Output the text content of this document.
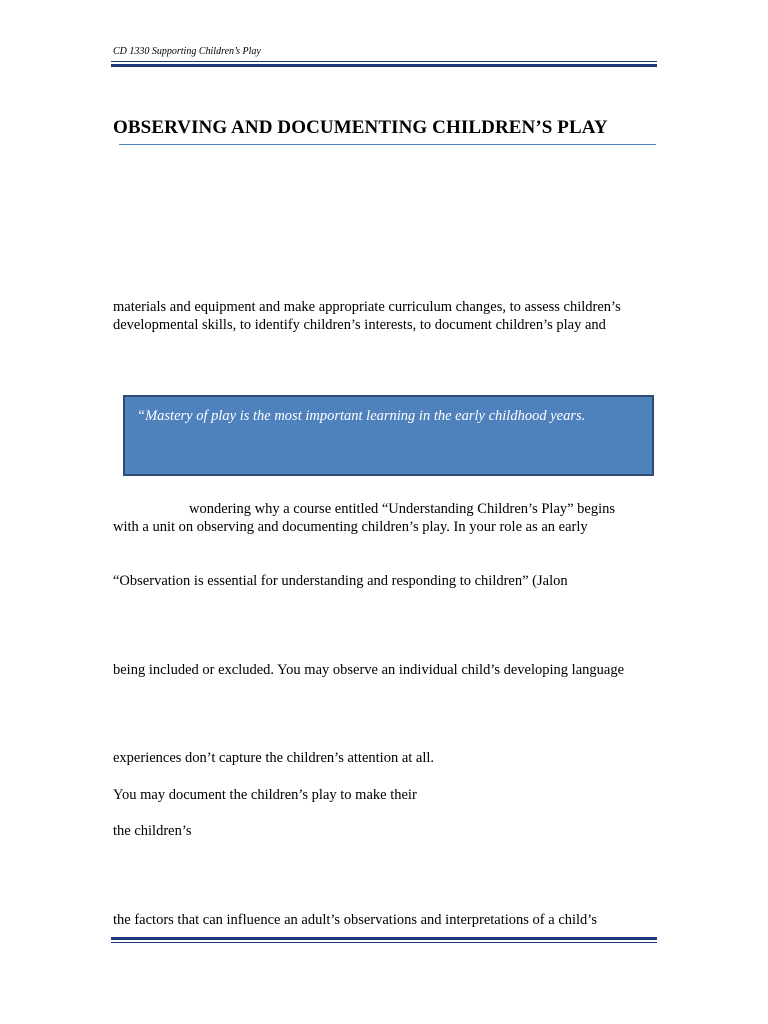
CD 1330 Supporting Children’s Play
OBSERVING AND DOCUMENTING CHILDREN’S PLAY
materials and equipment and make appropriate curriculum changes, to assess children’s
developmental skills, to identify children’s interests, to document children’s play and
“Mastery of play is the most important learning in the early childhood years.
wondering why a course entitled “Understanding Children’s Play” begins
with a unit on observing and documenting children’s play. In your role as an early
“Observation is essential for understanding and responding to children” (Jalon
being included or excluded. You may observe an individual child’s developing language
experiences don’t capture the children’s attention at all.
You may document the children’s play to make their
the children’s
the factors that can influence an adult’s observations and interpretations of a child’s
